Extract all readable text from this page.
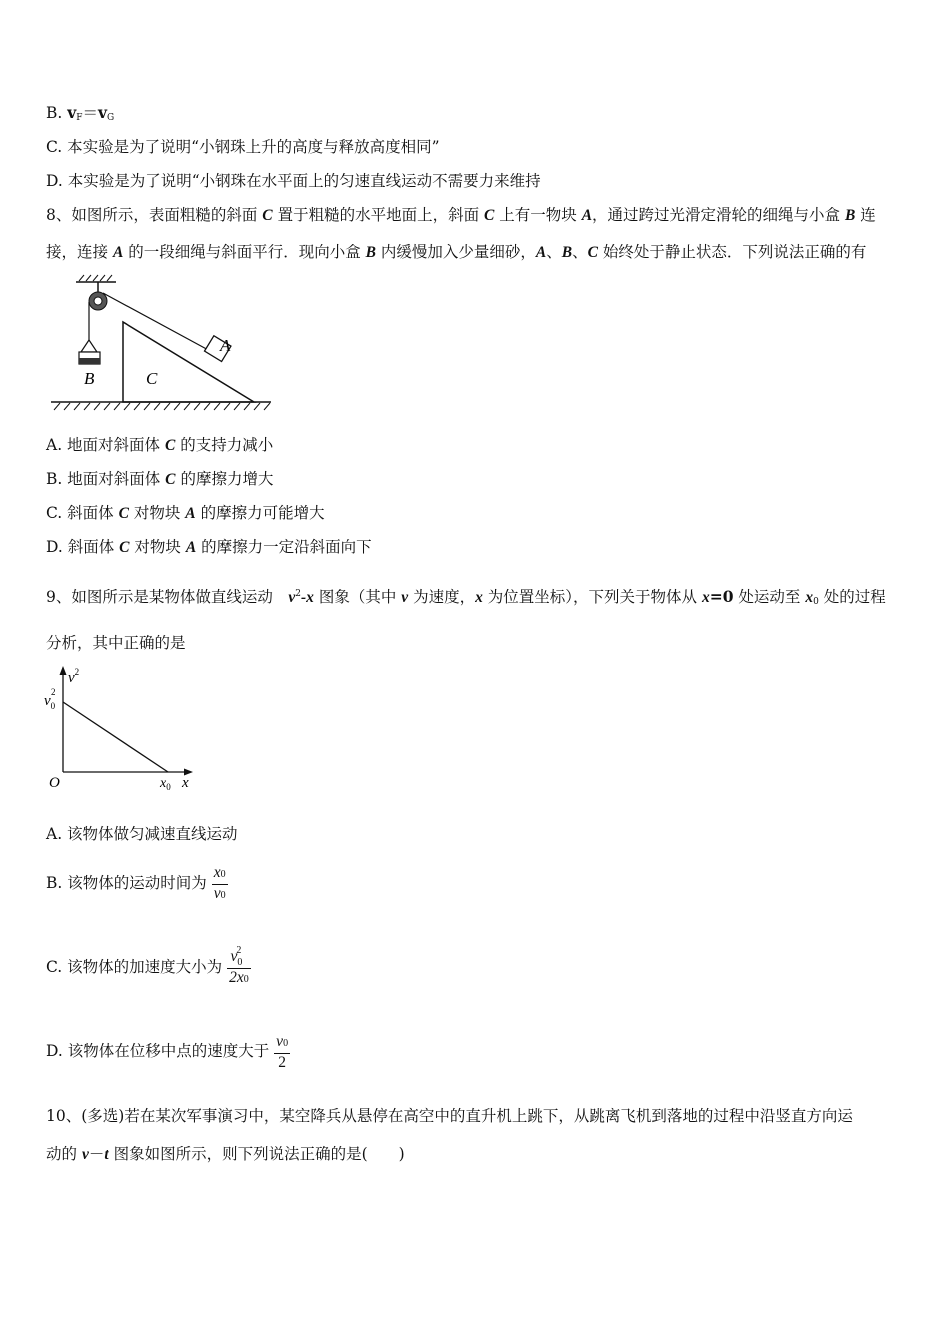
B. $v_F=v_G$
C. 本实验是为了说明“小钢珠上升的高度与释放高度相同”
D. 本实验是为了说明“小钢珠在水平面上的匀速直线运动不需要力来维持
8、如图所示，表面粗糙的斜面 C 置于粗糙的水平地面上，斜面 C 上有一物块 A，通过跨过光滑定滑轮的细绳与小盒 B 连
接，连接 A 的一段细绳与斜面平行．现向小盒 B 内缓慢加入少量细砂，A、B、C 始终处于静止状态．下列说法正确的有
B	C
A
A. 地面对斜面体 C 的支持力减小
B. 地面对斜面体 C 的摩擦力增大
C. 斜面体 C 对物块 A 的摩擦力可能增大
D. 斜面体 C 对物块 A 的摩擦力一定沿斜面向下
9、如图所示是某物体做直线运动　$v^2-x$ 图象（其中 v 为速度，x 为位置坐标），下列关于物体从 x=0 处运动至 $x_0$ 处的过程
分析，其中正确的是
$v^2$
$v_0$
2
O	$x_0$ x
A. 该物体做匀减速直线运动
B. 该物体的运动时间为 $\frac{x0}{v0}$
C. 该物体的加速度大小为 $\frac{v_0^2}{2x0}$
D. 该物体在位移中点的速度大于 $\frac{v0}{2}$
10、(多选)若在某次军事演习中，某空降兵从悬停在高空中的直升机上跳下，从跳离飞机到落地的过程中沿竖直方向运
动的 v－t 图象如图所示，则下列说法正确的是(　　)
